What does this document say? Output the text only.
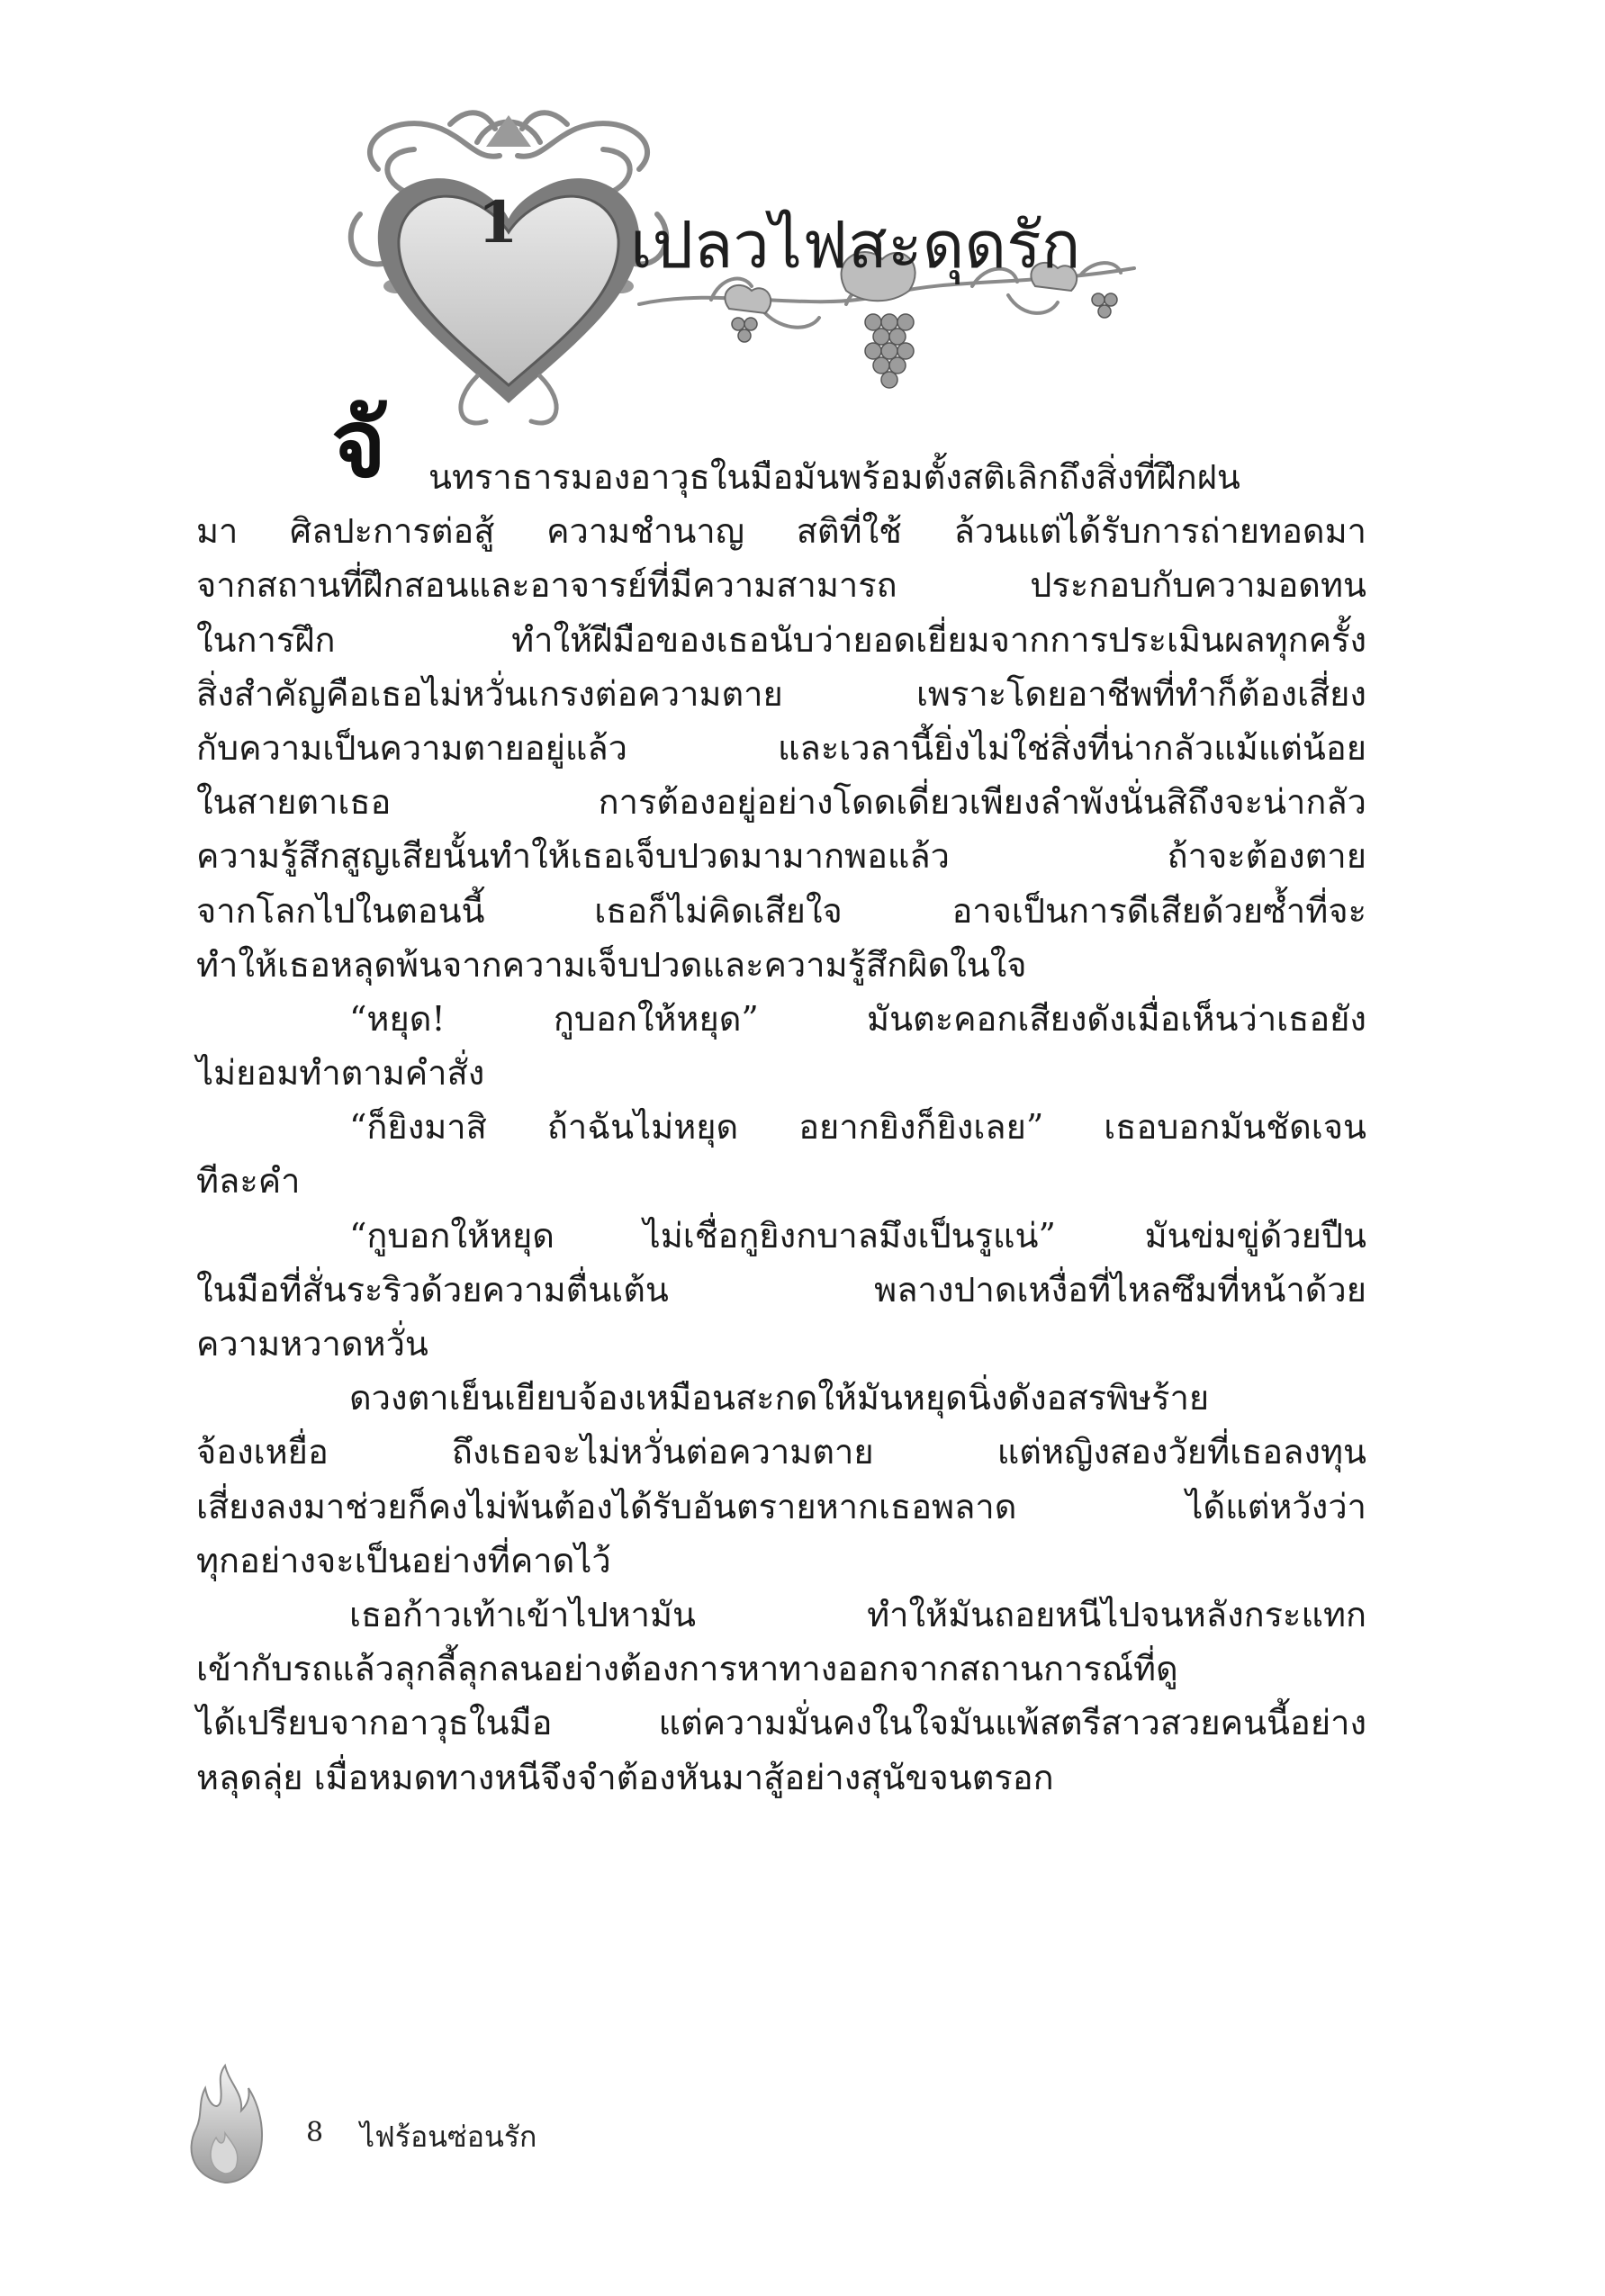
1	เปลวไฟสะดุดรัก
จั	นทราธารมองอาวุธในมือมันพร้อมตั้งสติเลิกถึงสิ่งที่ฝึกฝน
มา ศิลปะการต่อสู้ ความชำนาญ สติที่ใช้ ล้วนแต่ได้รับการถ่ายทอดมา
จากสถานที่ฝึกสอนและอาจารย์ที่มีความสามารถ ประกอบกับความอดทน
ในการฝึก ทำให้ฝีมือของเธอนับว่ายอดเยี่ยมจากการประเมินผลทุกครั้ง
สิ่งสำคัญคือเธอไม่หวั่นเกรงต่อความตาย เพราะโดยอาชีพที่ทำก็ต้องเสี่ยง
กับความเป็นความตายอยู่แล้ว และเวลานี้ยิ่งไม่ใช่สิ่งที่น่ากลัวแม้แต่น้อย
ในสายตาเธอ การต้องอยู่อย่างโดดเดี่ยวเพียงลำพังนั่นสิถึงจะน่ากลัว
ความรู้สึกสูญเสียนั้นทำให้เธอเจ็บปวดมามากพอแล้ว ถ้าจะต้องตาย
จากโลกไปในตอนนี้ เธอก็ไม่คิดเสียใจ อาจเป็นการดีเสียด้วยซ้ำที่จะ
ทำให้เธอหลุดพ้นจากความเจ็บปวดและความรู้สึกผิดในใจ
“หยุด! กูบอกให้หยุด” มันตะคอกเสียงดังเมื่อเห็นว่าเธอยัง
ไม่ยอมทำตามคำสั่ง
“ก็ยิงมาสิ ถ้าฉันไม่หยุด อยากยิงก็ยิงเลย” เธอบอกมันชัดเจน
ทีละคำ
“กูบอกให้หยุด ไม่เชื่อกูยิงกบาลมึงเป็นรูแน่” มันข่มขู่ด้วยปืน
ในมือที่สั่นระริวด้วยความตื่นเต้น พลางปาดเหงื่อที่ไหลซึมที่หน้าด้วย
ความหวาดหวั่น
ดวงตาเย็นเยียบจ้องเหมือนสะกดให้มันหยุดนิ่งดังอสรพิษร้าย
จ้องเหยื่อ ถึงเธอจะไม่หวั่นต่อความตาย แต่หญิงสองวัยที่เธอลงทุน
เสี่ยงลงมาช่วยก็คงไม่พ้นต้องได้รับอันตรายหากเธอพลาด ได้แต่หวังว่า
ทุกอย่างจะเป็นอย่างที่คาดไว้
เธอก้าวเท้าเข้าไปหามัน ทำให้มันถอยหนีไปจนหลังกระแทก
เข้ากับรถแล้วลุกลี้ลุกลนอย่างต้องการหาทางออกจากสถานการณ์ที่ดู
ได้เปรียบจากอาวุธในมือ แต่ความมั่นคงในใจมันแพ้สตรีสาวสวยคนนี้อย่าง
หลุดลุ่ย เมื่อหมดทางหนีจึงจำต้องหันมาสู้อย่างสุนัขจนตรอก
8 ไฟร้อนซ่อนรัก
